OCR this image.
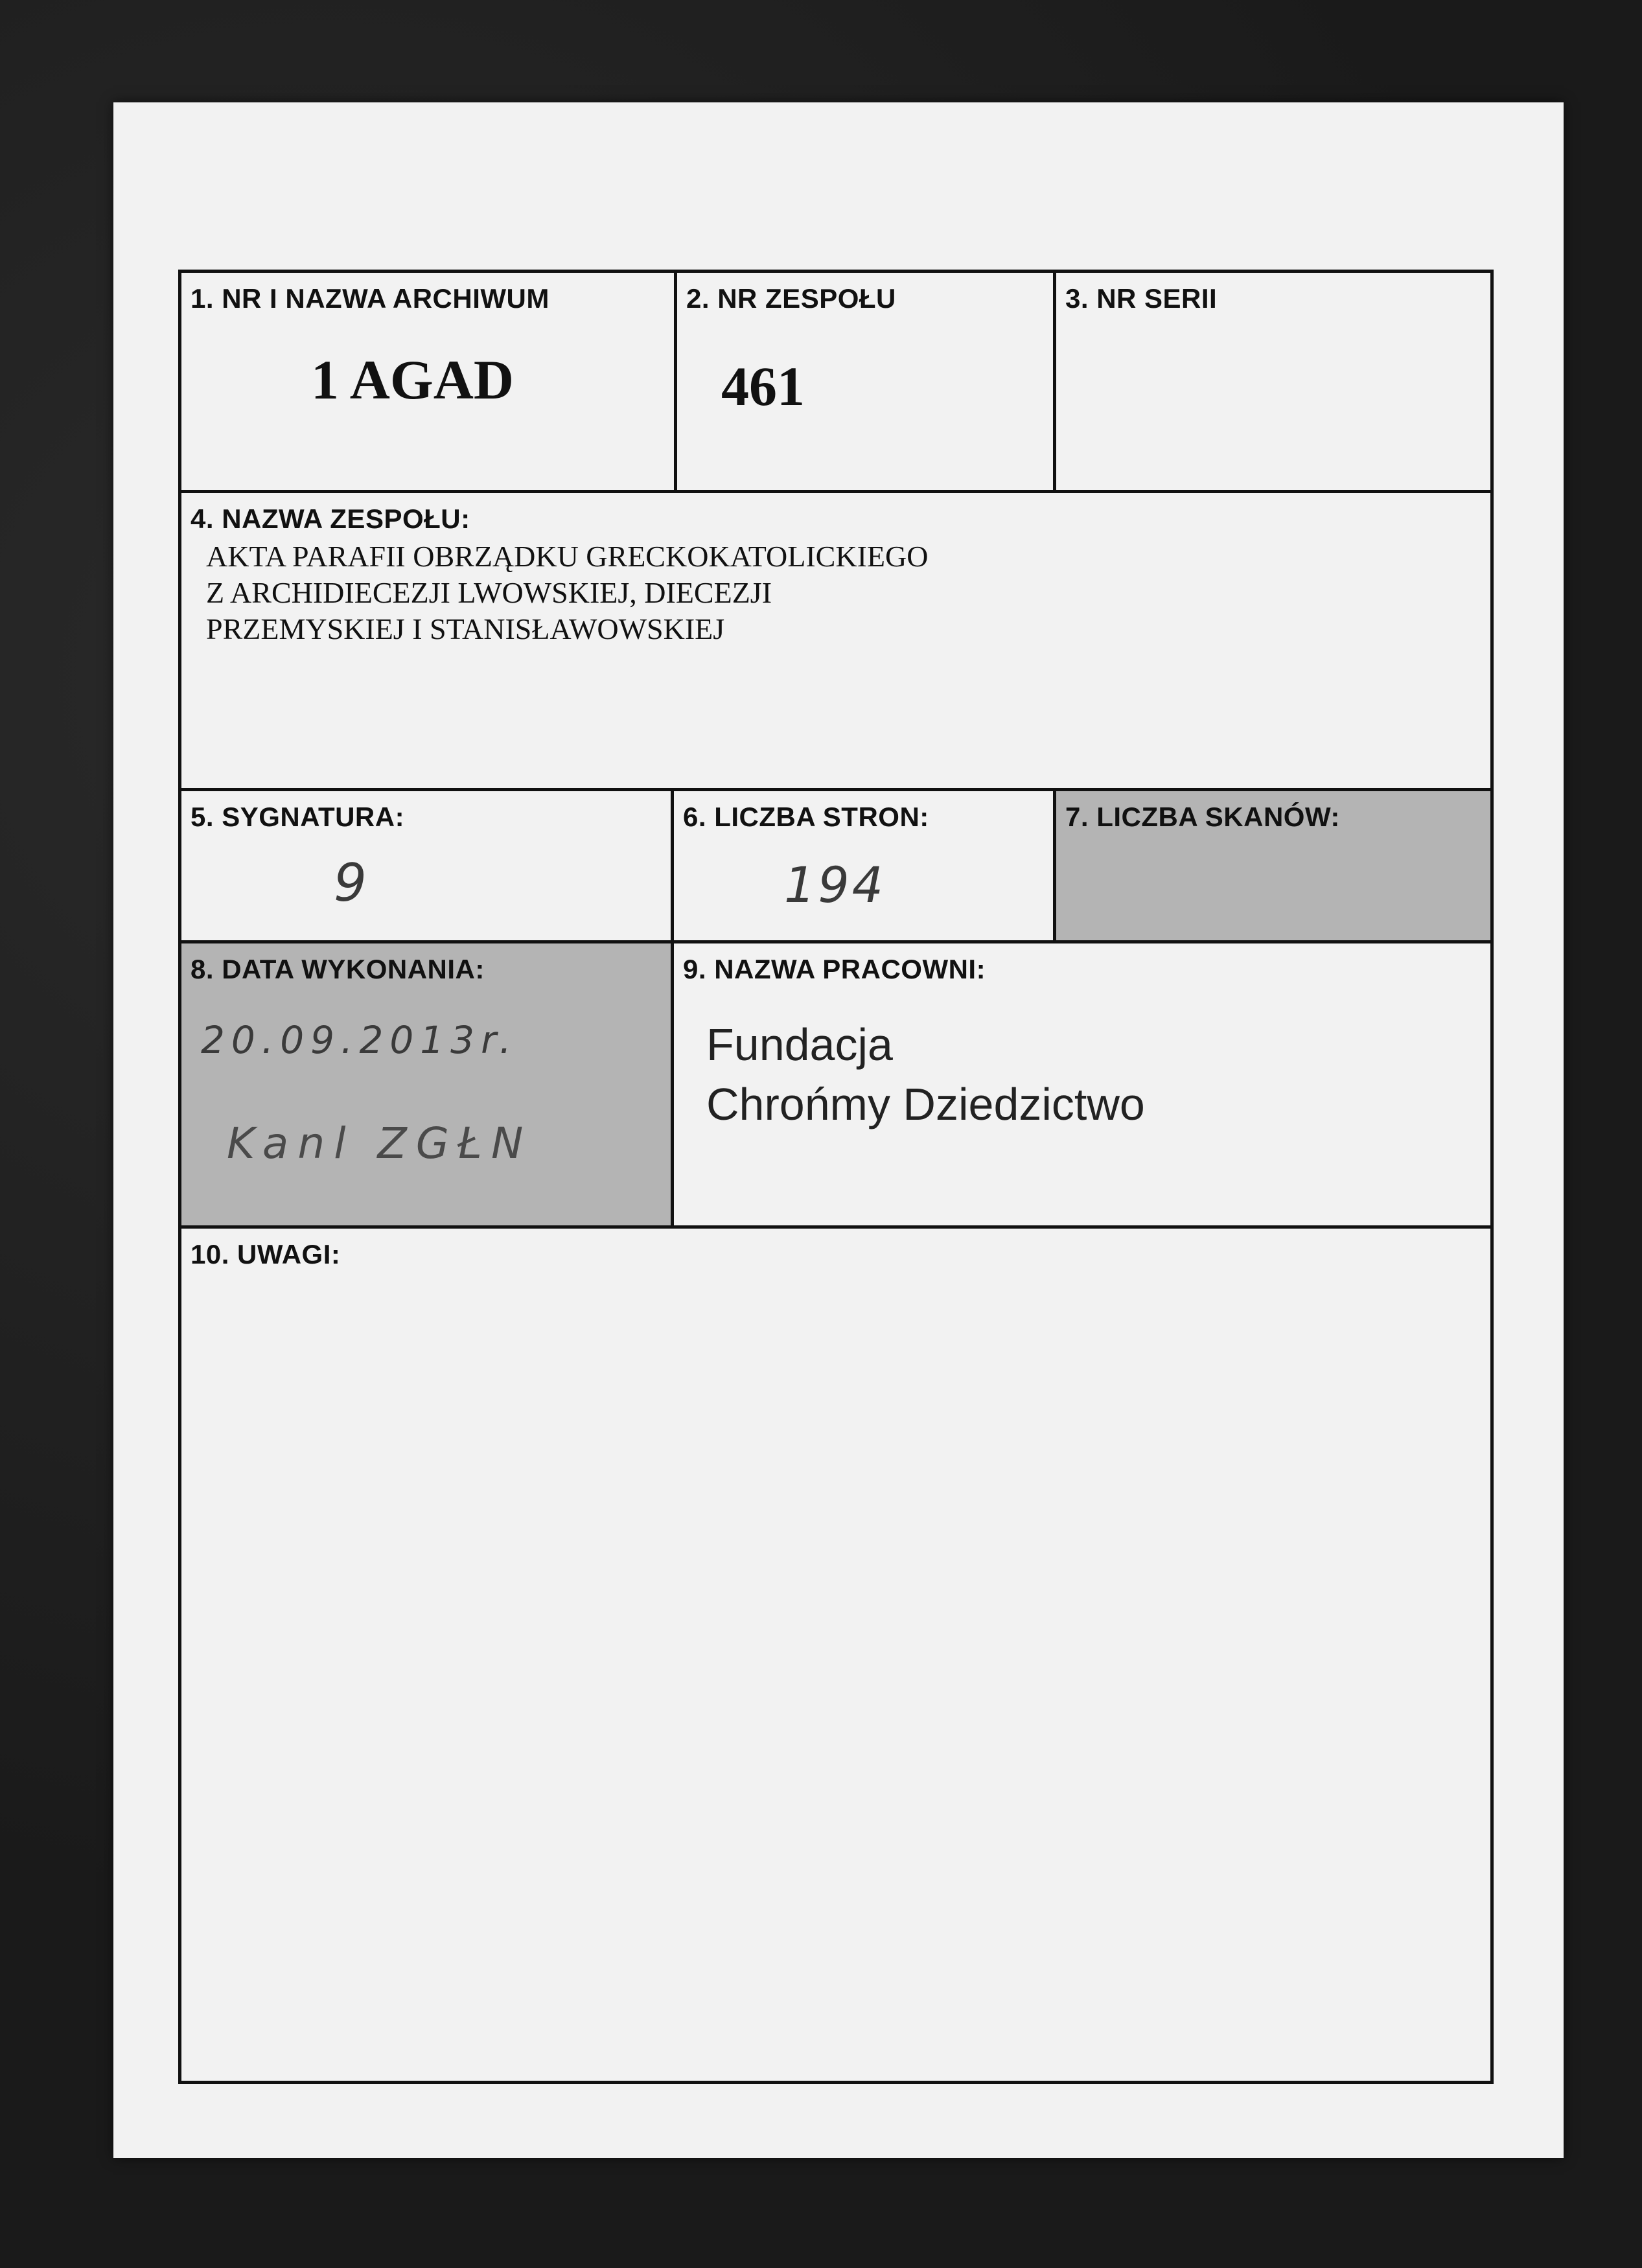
1. NR I NAZWA ARCHIWUM
1 AGAD
2. NR ZESPOŁU
461
3. NR SERII
4. NAZWA ZESPOŁU:
AKTA PARAFII OBRZĄDKU GRECKOKATOLICKIEGO
Z ARCHIDIECEZJI LWOWSKIEJ, DIECEZJI
PRZEMYSKIEJ I STANISŁAWOWSKIEJ
5. SYGNATURA:
9
6. LICZBA STRON:
194
7. LICZBA SKANÓW:
8. DATA WYKONANIA:
20.09.2013r.
Kanl ZGŁN
9. NAZWA PRACOWNI:
Fundacja
Chrońmy Dziedzictwo
10. UWAGI:
